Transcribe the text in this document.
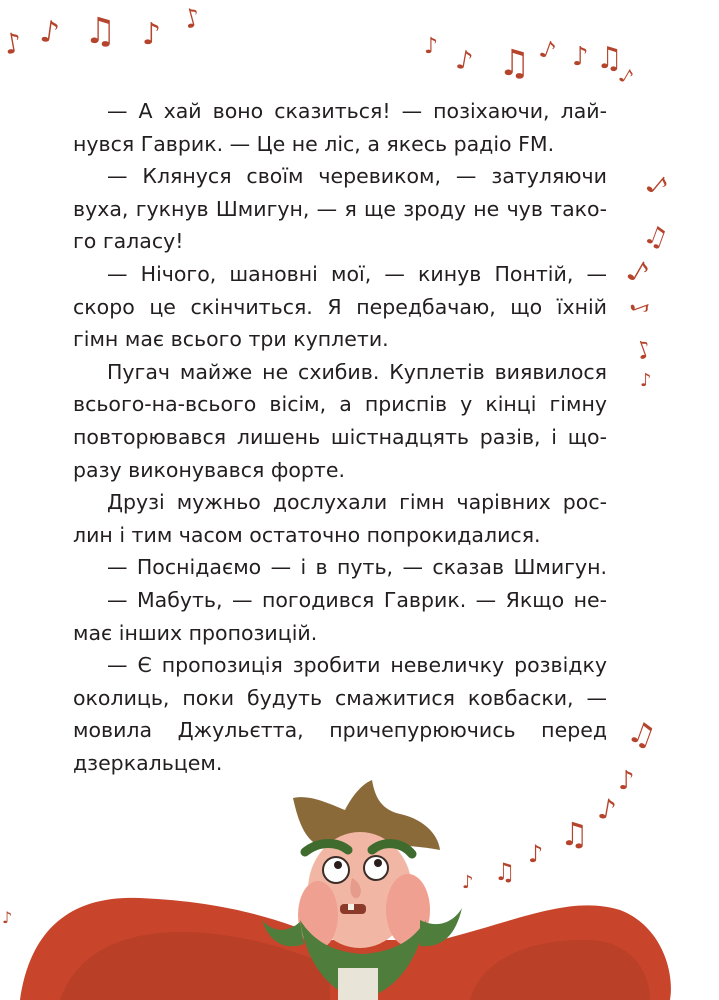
♪ ♪ ♫ ♪ ♪
♪ ♪ ♫ ♪ ♪ ♫
♪
♪
♫
♪
♪
♪
♪
♫
♪
♪
♫
♪
♫
♪
♪
— А хай воно сказиться! — позіхаючи, лай-
нувся Гаврик. — Це не ліс, а якесь радіо FM.
— Клянуся своїм черевиком, — затуляючи
вуха, гукнув Шмигун, — я ще зроду не чув тако-
го галасу!
— Нічого, шановні мої, — кинув Понтій, —
скоро це скінчиться. Я передбачаю, що їхній
гімн має всього три куплети.
Пугач майже не схибив. Куплетів виявилося
всього-на-всього вісім, а приспів у кінці гімну
повторювався лишень шістнадцять разів, і що-
разу виконувався форте.
Друзі мужньо дослухали гімн чарівних рос-
лин і тим часом остаточно попрокидалися.
— Поснідаємо — і в путь, — сказав Шмигун.
— Мабуть, — погодився Гаврик. — Якщо не-
має інших пропозицій.
— Є пропозиція зробити невеличку розвідку
околиць, поки будуть смажитися ковбаски, —
мовила Джульєтта, причепурюючись перед
дзеркальцем.
